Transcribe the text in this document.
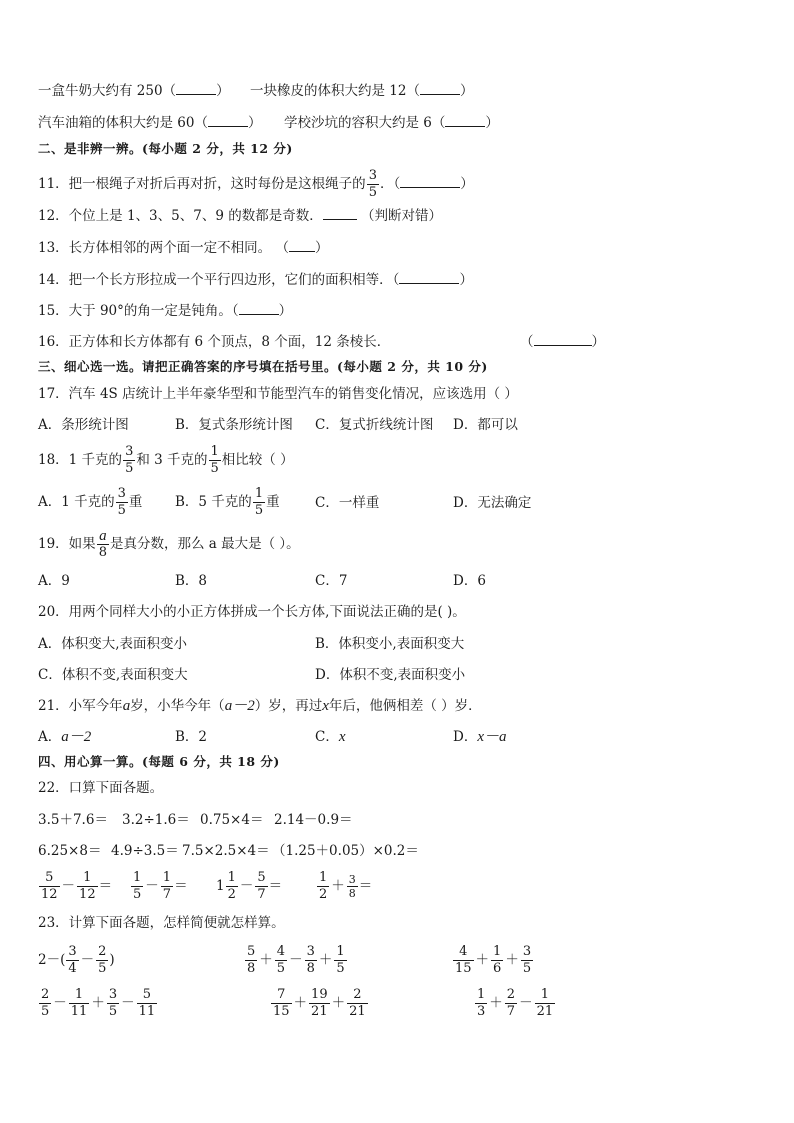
一盒牛奶大约有 250（	） 一块橡皮的体积大约是 12（	）
汽车油箱的体积大约是 60（	） 学校沙坑的容积大约是 6（	）
二、是非辨一辨。(每小题 2 分，共 12 分)
11．把一根绳子对折后再对折，这时每份是这根绳子的 $\frac{3}{5}$ ．（	）
12．个位上是 1、3、5、7、9 的数都是奇数．	（判断对错）
13．长方体相邻的两个面一定不相同。 （ ）
14．把一个长方形拉成一个平行四边形，它们的面积相等．（	）
15．大于 90°的角一定是钝角。（	）
16．正方体和长方体都有 6 个顶点，8 个面，12 条棱长．	（	）
三、细心选一选。请把正确答案的序号填在括号里。(每小题 2 分，共 10 分)
17．汽车 4S 店统计上半年豪华型和节能型汽车的销售变化情况，应该选用（ ）
A．条形统计图	B．复式条形统计图 C．复式折线统计图 D．都可以
18．1 千克的 $\frac{3}{5}$ 和 3 千克的 $\frac{1}{5}$ 相比较（ ）
A．1 千克的 $\frac{3}{5}$ 重 B．5 千克的 $\frac{1}{5}$ 重	C．一样重	D．无法确定
19．如果 $\frac{a}{8}$ 是真分数，那么 a 最大是（ ）。
A．9	B．8	C．7	D．6
20．用两个同样大小的小正方体拼成一个长方体,下面说法正确的是( )。
A．体积变大,表面积变小	B．体积变小,表面积变大
C．体积不变,表面积变大	D．体积不变,表面积变小
21．小军今年a岁，小华今年（a－2）岁，再过x年后，他俩相差（ ）岁．
A．a－2	B．2	C．x	D．x－a
四、用心算一算。(每题 6 分，共 18 分)
22．口算下面各题。
3.5＋7.6＝ 3.2÷1.6＝ 0.75×4＝ 2.14－0.9＝
6.25×8＝ 4.9÷3.5＝ 7.5×2.5×4＝ （1.25＋0.05）×0.2＝
$\frac{5}{12} - \frac{1}{12} = \frac{1}{5} - \frac{1}{7} = 1 \frac{1}{2} - \frac{5}{7}$ ＝	$\frac{1}{2} + \frac{3}{8}$ ＝
23．计算下面各题，怎样简便就怎样算。
$2-( \frac{3}{4} - \frac{2}{5}$ )	$\frac{5}{8} + \frac{4}{5} - \frac{3}{8} + \frac{1}{5}$	$\frac{4}{15} + \frac{1}{6} + \frac{3}{5}$
$\frac{2}{5} - \frac{1}{11} + \frac{3}{5} - \frac{5}{11}$	$\frac{7}{15} + \frac{19}{21} + \frac{2}{21}$	$\frac{1}{3} + \frac{2}{7} - \frac{1}{21}$
